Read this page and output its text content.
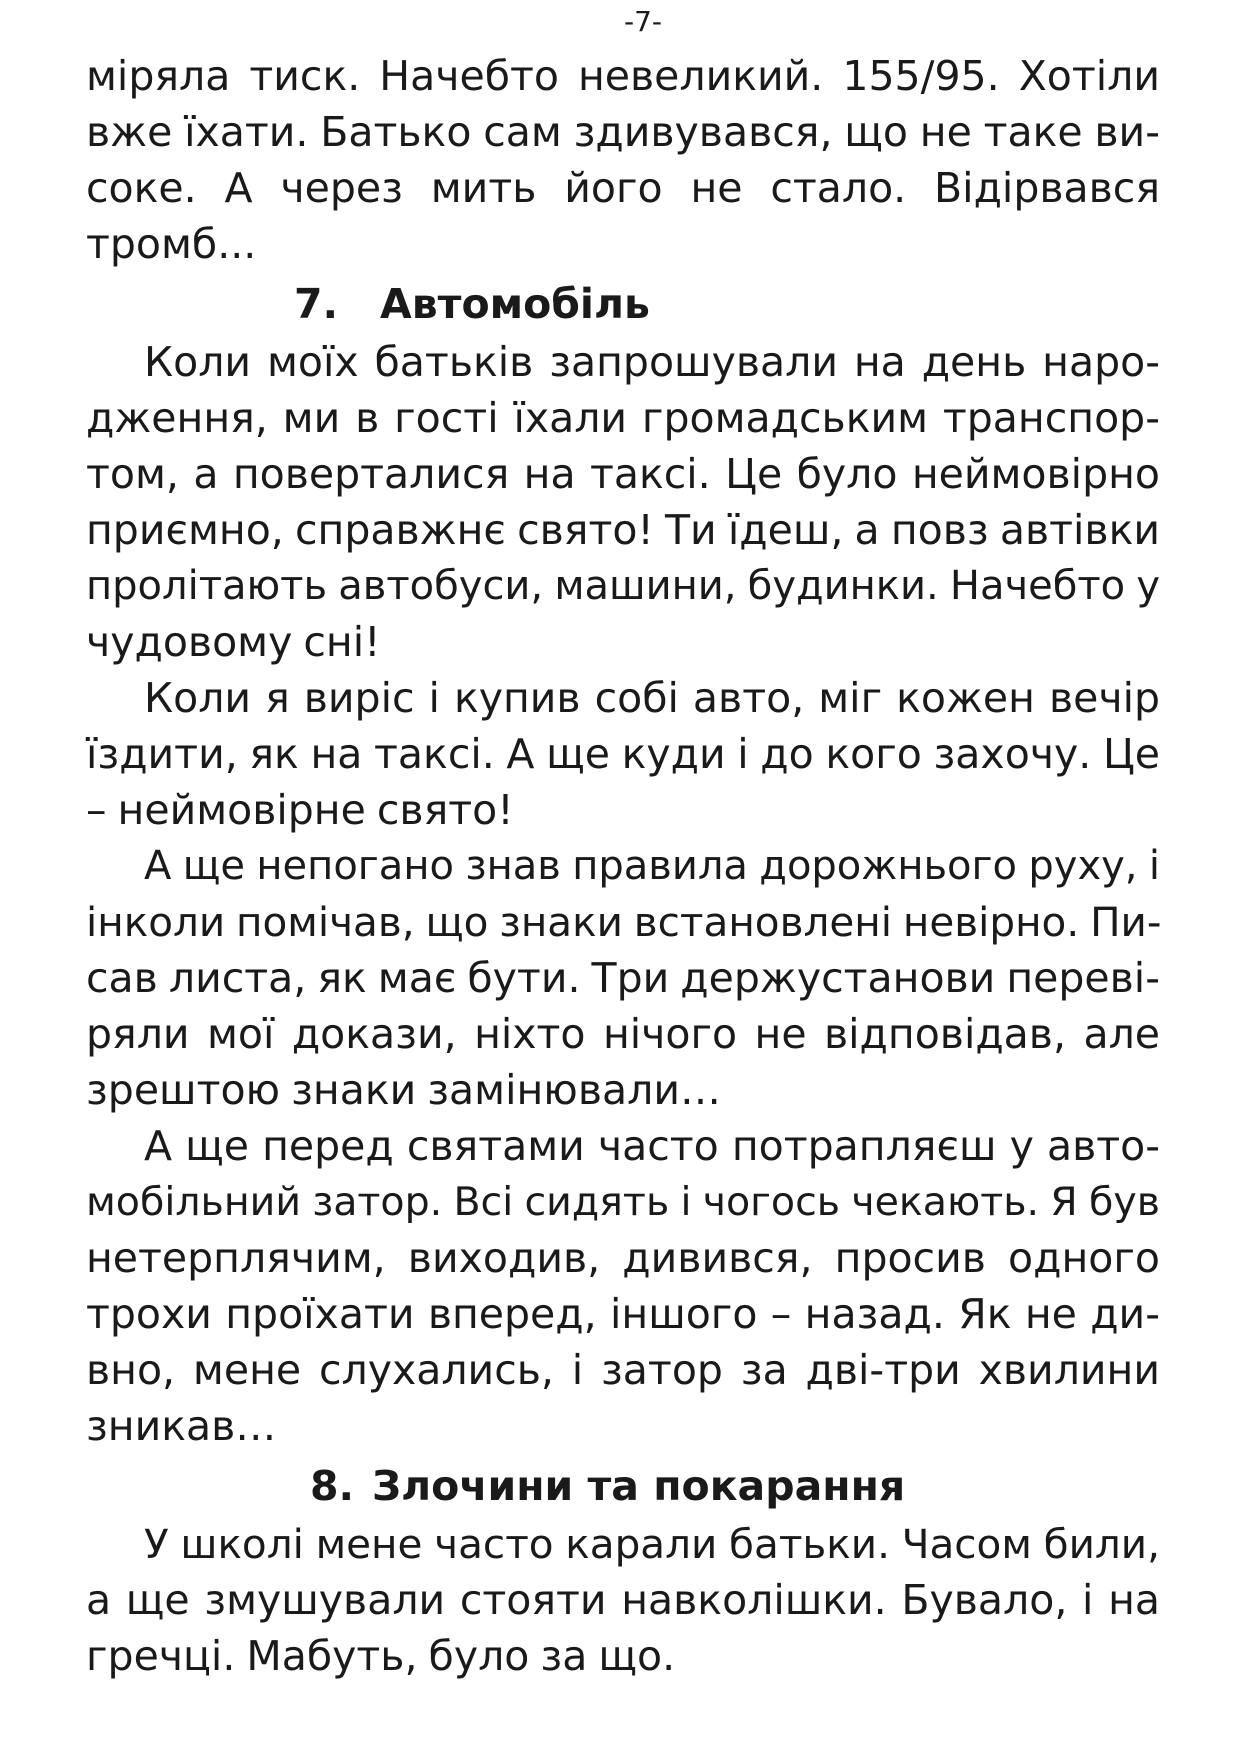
-7-
міряла тиск. Начебто невеликий. 155/95. Хотіли
вже їхати. Батько сам здивувався, що не таке ви-
соке. А через мить його не стало. Відірвався
тромб...
7. Автомобіль
Коли моїх батьків запрошували на день наро-
дження, ми в гості їхали громадським транспор-
том, а поверталися на таксі. Це було неймовірно
приємно, справжнє свято! Ти їдеш, а повз автівки
пролітають автобуси, машини, будинки. Начебто у
чудовому сні!
Коли я виріс і купив собі авто, міг кожен вечір
їздити, як на таксі. А ще куди і до кого захочу. Це
– неймовірне свято!
А ще непогано знав правила дорожнього руху, і
інколи помічав, що знаки встановлені невірно. Пи-
сав листа, як має бути. Три держустанови переві-
ряли мої докази, ніхто нічого не відповідав, але
зрештою знаки замінювали…
А ще перед святами часто потрапляєш у авто-
мобільний затор. Всі сидять і чогось чекають. Я був
нетерплячим, виходив, дивився, просив одного
трохи проїхати вперед, іншого – назад. Як не ди-
вно, мене слухались, і затор за дві-три хвилини
зникав…
8. Злочини та покарання
У школі мене часто карали батьки. Часом били,
а ще змушували стояти навколішки. Бувало, і на
гречці. Мабуть, було за що.
